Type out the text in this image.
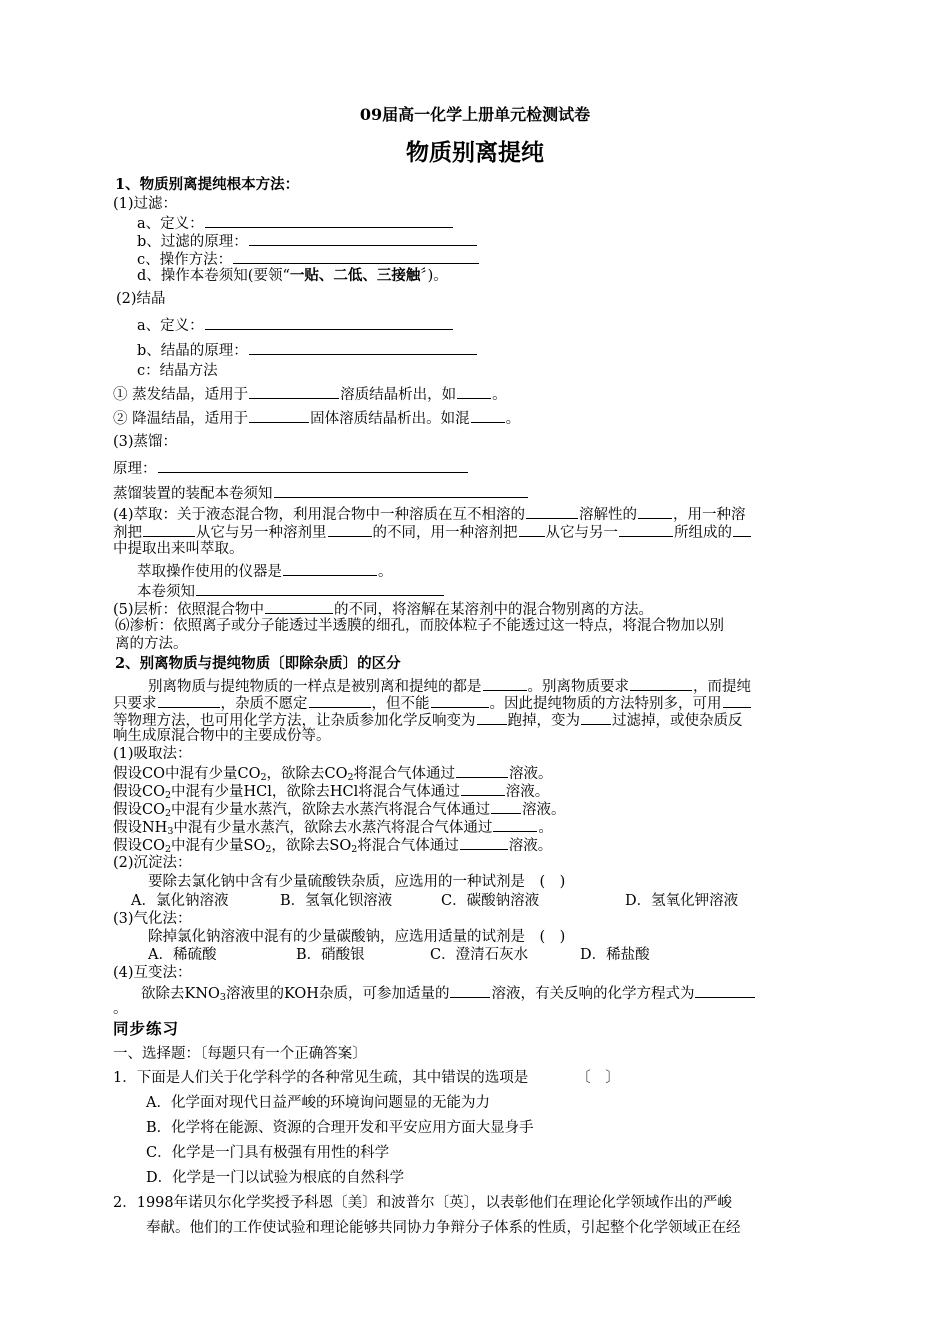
09届高一化学上册单元检测试卷
物质别离提纯
1、物质别离提纯根本方法：
(1)过滤：
a、定义：
b、过滤的原理：
c、操作方法：
d、操作本卷须知(要领“一贴、二低、三接触〞)。
(2)结晶
a、定义：
b、结晶的原理：
c：结晶方法
① 蒸发结晶，适用于	溶质结晶析出，如 。
② 降温结晶，适用于	固体溶质结晶析出。如混 。
(3)蒸馏：
原理：
蒸馏装置的装配本卷须知
(4)萃取：关于液态混合物，利用混合物中一种溶质在互不相溶的	溶解性的 ，用一种溶
剂把	从它与另一种溶剂里	的不同，用一种溶剂把 从它与另一	所组成的
中提取出来叫萃取。
萃取操作使用的仪器是	。
本卷须知
(5)层析：依照混合物中	的不同，将溶解在某溶剂中的混合物别离的方法。
⑹渗析：依照离子或分子能透过半透膜的细孔，而胶体粒子不能透过这一特点，将混合物加以别
离的方法。
2、别离物质与提纯物质〔即除杂质〕的区分
别离物质与提纯物质的一样点是被别离和提纯的都是	。别离物质要求	，而提纯
只要求	，杂质不愿定	，但不能	。因此提纯物质的方法特别多，可用
等物理方法，也可用化学方法，让杂质参加化学反响变为 跑掉，变为 过滤掉，或使杂质反
响生成原混合物中的主要成份等。
(1)吸取法：
假设CO中混有少量$CO_2$，欲除去$CO_2$将混合气体通过	溶液。
假设$CO_2$中混有少量HCl，欲除去HCl将混合气体通过	溶液。
假设$CO_2$中混有少量水蒸汽，欲除去水蒸汽将混合气体通过 溶液。
假设$NH_3$中混有少量水蒸汽，欲除去水蒸汽将混合气体通过	。
假设$CO_2$中混有少量$SO_2$，欲除去$SO_2$将混合气体通过	溶液。
(2)沉淀法：
要除去氯化钠中含有少量硫酸铁杂质，应选用的一种试剂是　(　)
A．氯化钠溶液	B．氢氧化钡溶液	C．碳酸钠溶液	D．氢氧化钾溶液
(3)气化法：
除掉氯化钠溶液中混有的少量碳酸钠，应选用适量的试剂是　(　)
A．稀硫酸	B．硝酸银	C．澄清石灰水	D．稀盐酸
(4)互变法：
欲除去$KNO_3$溶液里的KOH杂质，可参加适量的	溶液，有关反响的化学方程式为
。
同步练习
一、选择题：〔每题只有一个正确答案〕
1．下面是人们关于化学科学的各种常见生疏，其中错误的选项是	〔　〕
A．化学面对现代日益严峻的环境询问题显的无能为力
B．化学将在能源、资源的合理开发和平安应用方面大显身手
C．化学是一门具有极强有用性的科学
D．化学是一门以试验为根底的自然科学
2．1998年诺贝尔化学奖授予科恩〔美〕和波普尔〔英〕，以表彰他们在理论化学领域作出的严峻
奉献。他们的工作使试验和理论能够共同协力争辩分子体系的性质，引起整个化学领域正在经
